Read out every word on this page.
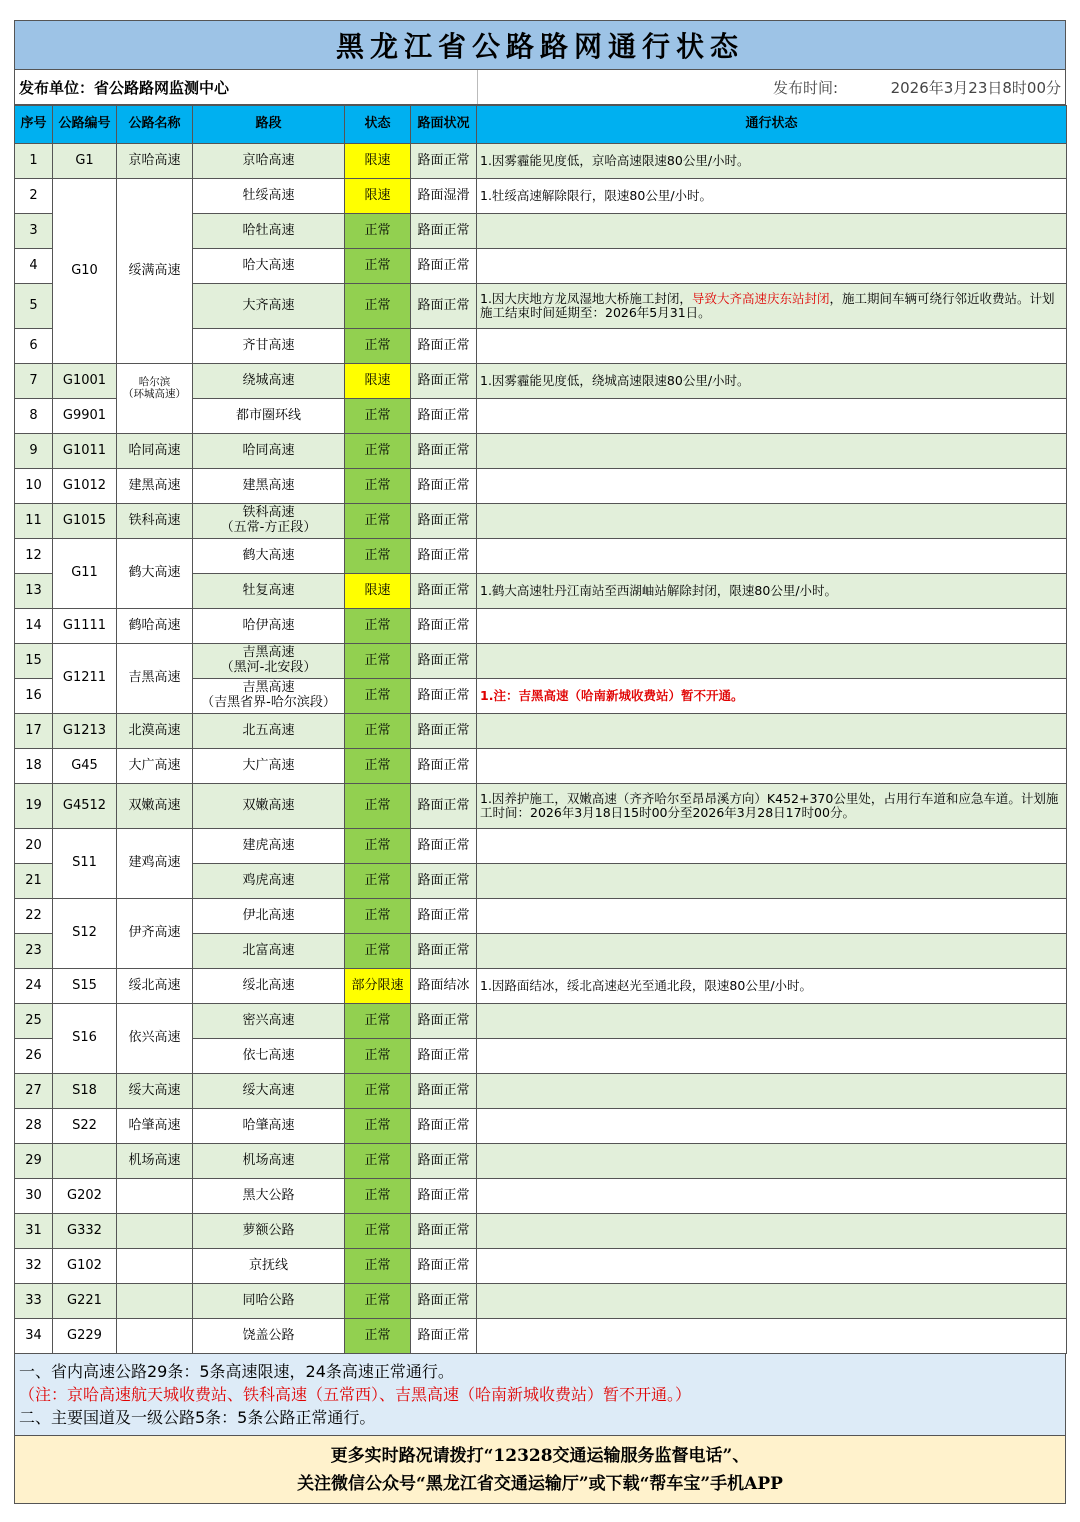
黑龙江省公路路网通行状态
发布单位：省公路路网监测中心	发布时间:	2026年3月23日8时00分
序号	公路编号	公路名称	路段	状态	路面状况	通行状态
1	G1	京哈高速	京哈高速	限速	路面正常	1.因雾霾能见度低，京哈高速限速80公里/小时。
2	G10	绥满高速	牡绥高速	限速	路面湿滑	1.牡绥高速解除限行，限速80公里/小时。
3			哈牡高速	正常	路面正常	
4			哈大高速	正常	路面正常	
5			大齐高速	正常	路面正常	1.因大庆地方龙凤湿地大桥施工封闭，导致大齐高速庆东站封闭，施工期间车辆可绕行邻近收费站。计划施工结束时间延期至：2026年5月31日。
6			齐甘高速	正常	路面正常	
7	G1001	哈尔滨
（环城高速）	绕城高速	限速	路面正常	1.因雾霾能见度低，绕城高速限速80公里/小时。
8	G9901		都市圈环线	正常	路面正常	
9	G1011	哈同高速	哈同高速	正常	路面正常	
10	G1012	建黑高速	建黑高速	正常	路面正常	
11	G1015	铁科高速	铁科高速
（五常-方正段）	正常	路面正常	
12	G11	鹤大高速	鹤大高速	正常	路面正常	
13			牡复高速	限速	路面正常	1.鹤大高速牡丹江南站至西湖岫站解除封闭，限速80公里/小时。
14	G1111	鹤哈高速	哈伊高速	正常	路面正常	
15	G1211	吉黑高速	吉黑高速
（黑河-北安段）	正常	路面正常	
16			吉黑高速
（吉黑省界-哈尔滨段）	正常	路面正常	1.注：吉黑高速（哈南新城收费站）暂不开通。
17	G1213	北漠高速	北五高速	正常	路面正常	
18	G45	大广高速	大广高速	正常	路面正常	
19	G4512	双嫩高速	双嫩高速	正常	路面正常	1.因养护施工，双嫩高速（齐齐哈尔至昂昂溪方向）K452+370公里处，占用行车道和应急车道。计划施工时间：2026年3月18日15时00分至2026年3月28日17时00分。
20	S11	建鸡高速	建虎高速	正常	路面正常	
21			鸡虎高速	正常	路面正常	
22	S12	伊齐高速	伊北高速	正常	路面正常	
23			北富高速	正常	路面正常	
24	S15	绥北高速	绥北高速	部分限速	路面结冰	1.因路面结冰，绥北高速赵光至通北段，限速80公里/小时。
25	S16	依兴高速	密兴高速	正常	路面正常	
26			依七高速	正常	路面正常	
27	S18	绥大高速	绥大高速	正常	路面正常	
28	S22	哈肇高速	哈肇高速	正常	路面正常	
29		机场高速	机场高速	正常	路面正常	
30	G202		黑大公路	正常	路面正常	
31	G332		萝额公路	正常	路面正常	
32	G102		京抚线	正常	路面正常	
33	G221		同哈公路	正常	路面正常	
34	G229		饶盖公路	正常	路面正常	
一、省内高速公路29条：5条高速限速，24条高速正常通行。
（注：京哈高速航天城收费站、铁科高速（五常西）、吉黑高速（哈南新城收费站）暂不开通。）
二、主要国道及一级公路5条：5条公路正常通行。
更多实时路况请拨打“12328交通运输服务监督电话”、
关注微信公众号“黑龙江省交通运输厅”或下载“帮车宝”手机APP
